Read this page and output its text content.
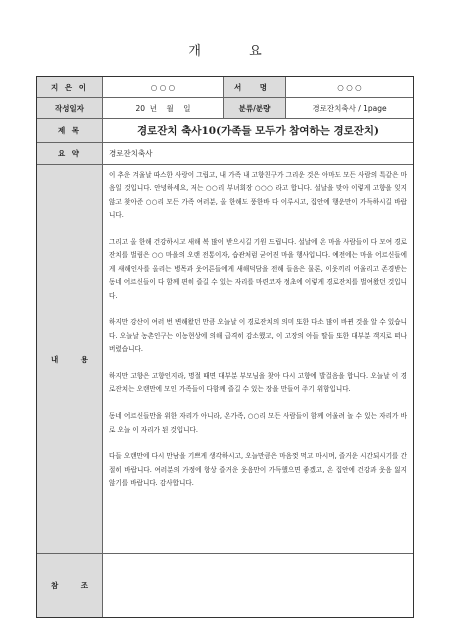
개 요
지 은 이	○ ○ ○	서 명	○ ○ ○
작성일자	20  년    월    일	분류/분량	경로잔치축사 / 1page
제 목	경로잔치 축사10(가족들 모두가 참여하는 경로잔치)
요 약	경로잔치축사
내 용

이 추운 겨울날 따스한 사랑이 그립고, 내 가족 내 고향친구가 그리운 것은 아마도 모든 사람의 특같은 마음일 것입니다. 안녕하세요, 저는 ○○리 부녀회장 ○○○ 라고 합니다. 설날을 맞아 이렇게 고향을 잊지 않고 찾아준 ○○리 모든 가족 여러분, 올 한해도 풍한바 다 이루시고, 집안에 행운만이 가득하시길 바랍니다.

그리고 올 한해 건강하시고 새해 복 많이 받으시길 기원 드립니다. 설날에 온 마을 사람들이 다 모여 경로잔치를 벌림은 ○○ 마을의 오랜 전통이자, 습관처럼 굳어진 마을 행사입니다. 예전에는 마을 어르신들에게 새해인사를 올리는 병목과 웃어른들에게 새해덕담을 전해 들음은 물론, 이웃끼리 어울리고 존경받는 동네 어르신들이 다 함께 편히 즐길 수 있는 자리를 마련코자 정초에 이렇게 경로잔치를 벌여왔던 것입니다.

하지만 강산이 여러 번 변해왔던 만큼 오늘날 이 경로잔치의 의미 또한 다소 많이 바뀐 것을 알 수 있습니다. 오늘날 농촌인구는 이농현상에 의해 급격히 감소했고, 이 고장의 아들 딸들 또한 대부분 객지로 떠나버렸습니다.

하지만 고향은 고향인지라, 명절 때면 대부분 부모님을 찾아 다시 고향에 발걸음을 합니다. 오늘날 이 경로잔치는 오랜만에 모인 가족들이 다함께 즐길 수 있는 장을 만들어 주기 위함입니다.

동네 어르신들만을 위한 자리가 아니라, 온가족, ○○리 모든 사람들이 함께 어울려 놀 수 있는 자리가 바로 오늘 이 자리가 된 것입니다.

다들 오랜만에 다시 만남을 기쁘게 생각하시고, 오늘만큼은 마음껏 먹고 마시며, 즐거운 시간되시기를 간절히 바랍니다. 여러분의 가정에 항상 즐거운 웃음만이 가득했으면 좋겠고, 온 집안에 건강과 웃음 잃지 않기를 바랍니다. 감사합니다.

참 조
